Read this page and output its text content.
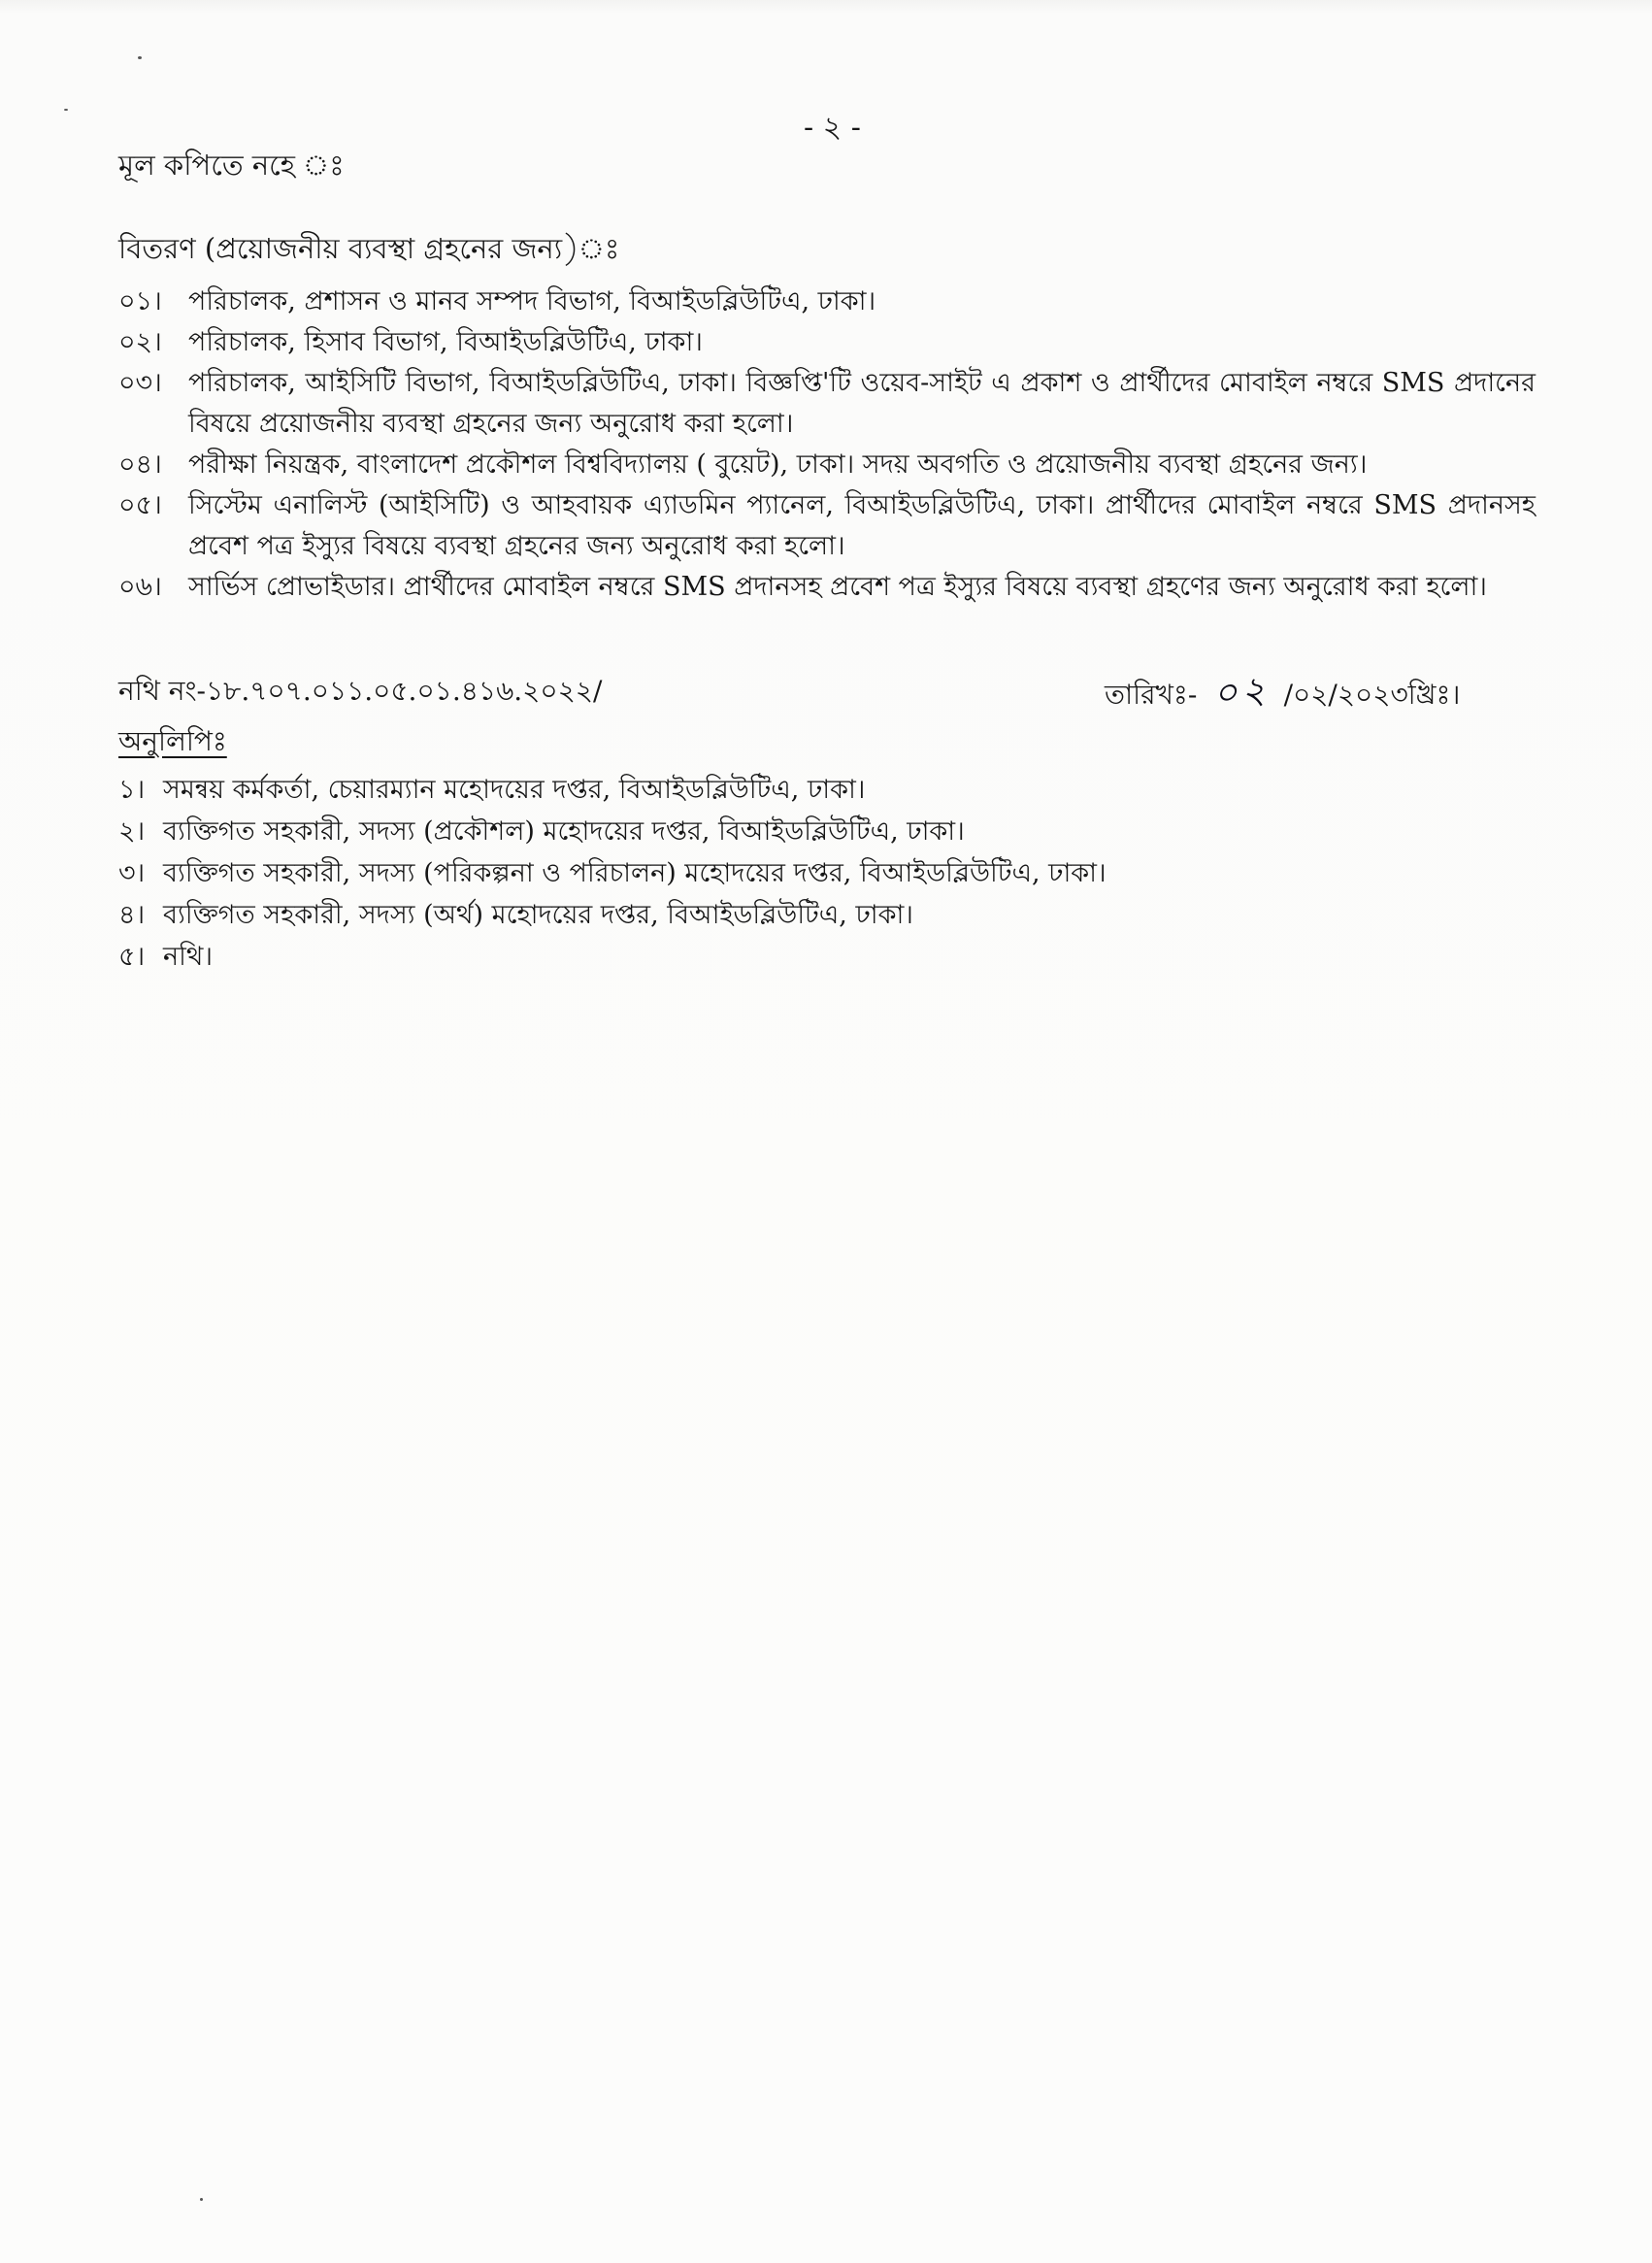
- ২ -
মূল কপিতে নহে ঃ
বিতরণ (প্রয়োজনীয় ব্যবস্থা গ্রহনের জন্য)ঃ
০১।	পরিচালক, প্রশাসন ও মানব সম্পদ বিভাগ, বিআইডব্লিউটিএ, ঢাকা।
০২।	পরিচালক, হিসাব বিভাগ, বিআইডব্লিউটিএ, ঢাকা।
০৩।	পরিচালক, আইসিটি বিভাগ, বিআইডব্লিউটিএ, ঢাকা। বিজ্ঞপ্তি'টি ওয়েব-সাইট এ প্রকাশ ও প্রার্থীদের মোবাইল নম্বরে SMS প্রদানের বিষয়ে প্রয়োজনীয় ব্যবস্থা গ্রহনের জন্য অনুরোধ করা হলো।
০৪।	পরীক্ষা নিয়ন্ত্রক, বাংলাদেশ প্রকৌশল বিশ্ববিদ্যালয় ( বুয়েট), ঢাকা। সদয় অবগতি ও প্রয়োজনীয় ব্যবস্থা গ্রহনের জন্য।
০৫।	সিস্টেম এনালিস্ট (আইসিটি) ও আহবায়ক এ্যাডমিন প্যানেল, বিআইডব্লিউটিএ, ঢাকা। প্রার্থীদের মোবাইল নম্বরে SMS প্রদানসহ প্রবেশ পত্র ইস্যুর বিষয়ে ব্যবস্থা গ্রহনের জন্য অনুরোধ করা হলো।
০৬।	সার্ভিস প্রোভাইডার। প্রার্থীদের মোবাইল নম্বরে SMS প্রদানসহ প্রবেশ পত্র ইস্যুর বিষয়ে ব্যবস্থা গ্রহণের জন্য অনুরোধ করা হলো।
নথি নং-১৮.৭০৭.০১১.০৫.০১.৪১৬.২০২২/	তারিখঃ- ০২ /০২/২০২৩খ্রিঃ।
অনুলিপিঃ
১। সমন্বয় কর্মকর্তা, চেয়ারম্যান মহোদয়ের দপ্তর, বিআইডব্লিউটিএ, ঢাকা।
২। ব্যক্তিগত সহকারী, সদস্য (প্রকৌশল) মহোদয়ের দপ্তর, বিআইডব্লিউটিএ, ঢাকা।
৩। ব্যক্তিগত সহকারী, সদস্য (পরিকল্পনা ও পরিচালন) মহোদয়ের দপ্তর, বিআইডব্লিউটিএ, ঢাকা।
৪। ব্যক্তিগত সহকারী, সদস্য (অর্থ) মহোদয়ের দপ্তর, বিআইডব্লিউটিএ, ঢাকা।
৫। নথি।
